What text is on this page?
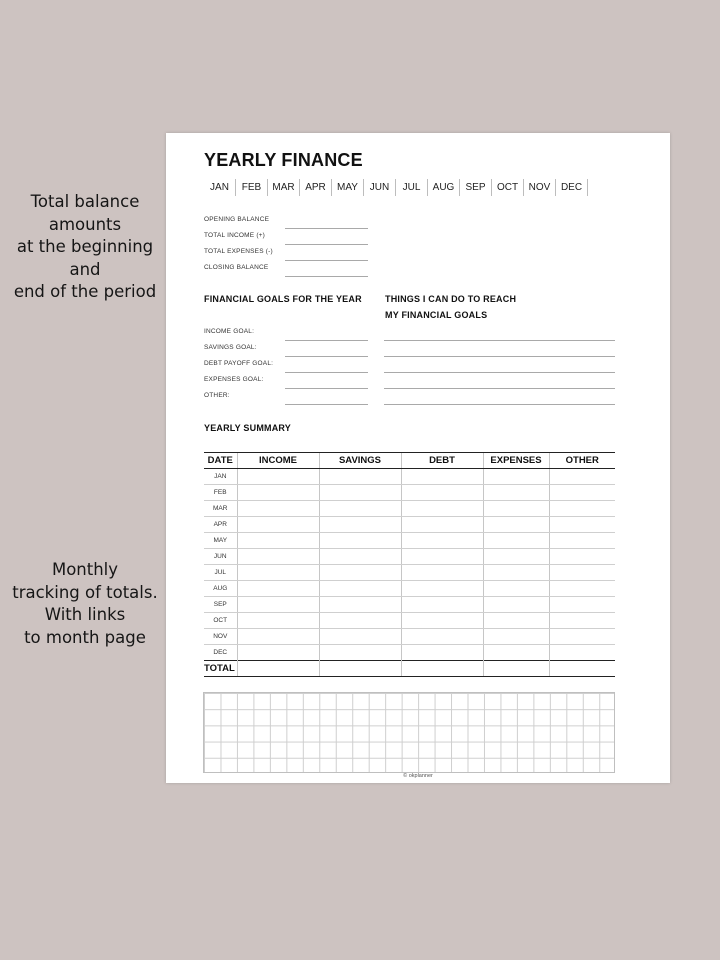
Total balance
amounts
at the beginning
and
end of the period
Monthly
tracking of totals.
With links
to month page
YEARLY FINANCE
JAN	FEB	MAR	APR	MAY	JUN	JUL	AUG	SEP	OCT	NOV	DEC
OPENING BALANCE
TOTAL INCOME (+)
TOTAL EXPENSES (-)
CLOSING BALANCE
FINANCIAL GOALS FOR THE YEAR	THINGS I CAN DO TO REACH
MY FINANCIAL GOALS
INCOME GOAL:
SAVINGS GOAL:
DEBT PAYOFF GOAL:
EXPENSES GOAL:
OTHER:
YEARLY SUMMARY
DATE	INCOME	SAVINGS	DEBT	EXPENSES	OTHER
JAN					
FEB					
MAR					
APR					
MAY					
JUN					
JUL					
AUG					
SEP					
OCT					
NOV					
DEC					
TOTAL					
© okplanner
